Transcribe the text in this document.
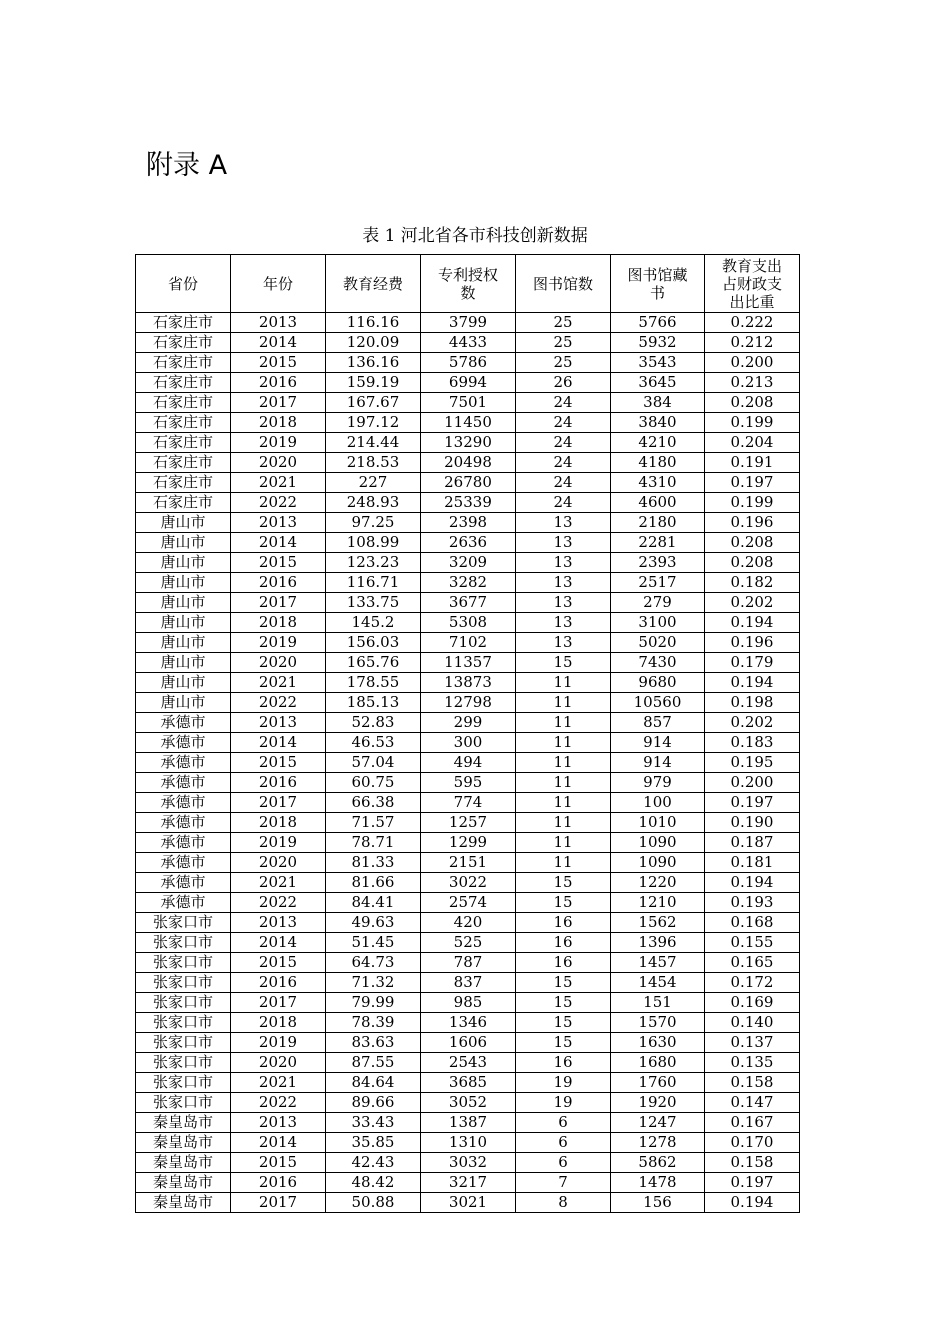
附录 A
表 1 河北省各市科技创新数据
省份	年份	教育经费	专利授权数	图书馆数	图书馆藏书	教育支出占财政支出比重
石家庄市	2013	116.16	3799	25	5766	0.222
石家庄市	2014	120.09	4433	25	5932	0.212
石家庄市	2015	136.16	5786	25	3543	0.200
石家庄市	2016	159.19	6994	26	3645	0.213
石家庄市	2017	167.67	7501	24	384	0.208
石家庄市	2018	197.12	11450	24	3840	0.199
石家庄市	2019	214.44	13290	24	4210	0.204
石家庄市	2020	218.53	20498	24	4180	0.191
石家庄市	2021	227	26780	24	4310	0.197
石家庄市	2022	248.93	25339	24	4600	0.199
唐山市	2013	97.25	2398	13	2180	0.196
唐山市	2014	108.99	2636	13	2281	0.208
唐山市	2015	123.23	3209	13	2393	0.208
唐山市	2016	116.71	3282	13	2517	0.182
唐山市	2017	133.75	3677	13	279	0.202
唐山市	2018	145.2	5308	13	3100	0.194
唐山市	2019	156.03	7102	13	5020	0.196
唐山市	2020	165.76	11357	15	7430	0.179
唐山市	2021	178.55	13873	11	9680	0.194
唐山市	2022	185.13	12798	11	10560	0.198
承德市	2013	52.83	299	11	857	0.202
承德市	2014	46.53	300	11	914	0.183
承德市	2015	57.04	494	11	914	0.195
承德市	2016	60.75	595	11	979	0.200
承德市	2017	66.38	774	11	100	0.197
承德市	2018	71.57	1257	11	1010	0.190
承德市	2019	78.71	1299	11	1090	0.187
承德市	2020	81.33	2151	11	1090	0.181
承德市	2021	81.66	3022	15	1220	0.194
承德市	2022	84.41	2574	15	1210	0.193
张家口市	2013	49.63	420	16	1562	0.168
张家口市	2014	51.45	525	16	1396	0.155
张家口市	2015	64.73	787	16	1457	0.165
张家口市	2016	71.32	837	15	1454	0.172
张家口市	2017	79.99	985	15	151	0.169
张家口市	2018	78.39	1346	15	1570	0.140
张家口市	2019	83.63	1606	15	1630	0.137
张家口市	2020	87.55	2543	16	1680	0.135
张家口市	2021	84.64	3685	19	1760	0.158
张家口市	2022	89.66	3052	19	1920	0.147
秦皇岛市	2013	33.43	1387	6	1247	0.167
秦皇岛市	2014	35.85	1310	6	1278	0.170
秦皇岛市	2015	42.43	3032	6	5862	0.158
秦皇岛市	2016	48.42	3217	7	1478	0.197
秦皇岛市	2017	50.88	3021	8	156	0.194
